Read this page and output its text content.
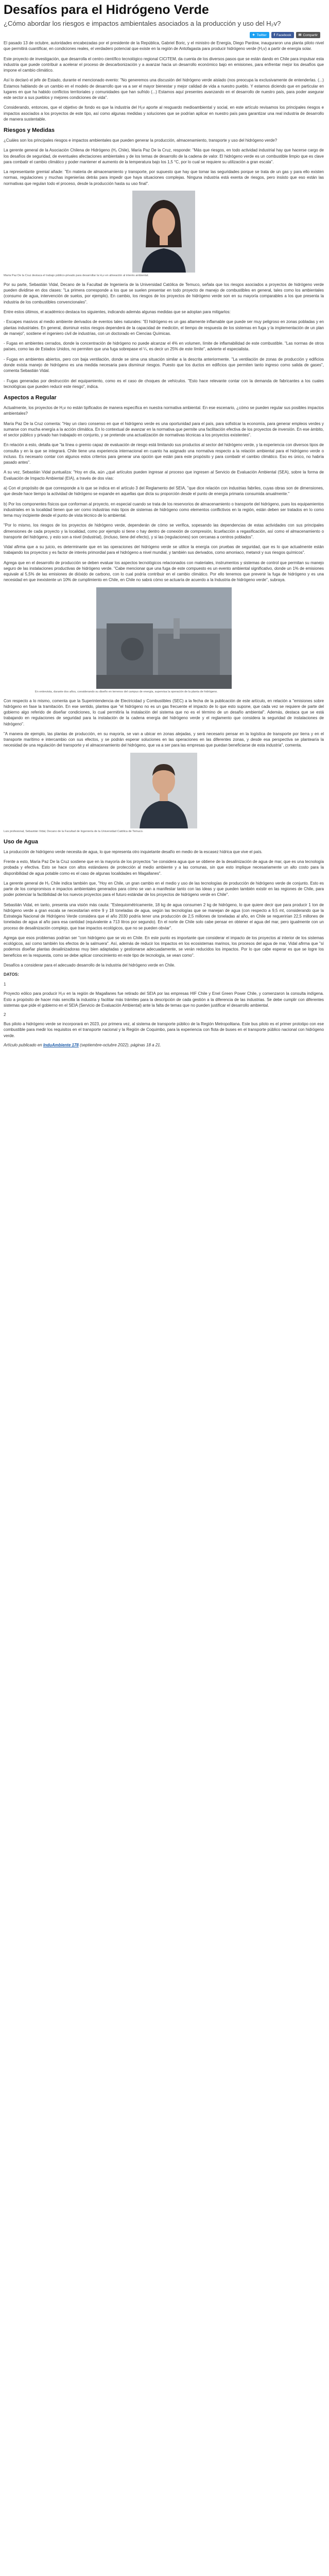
Desafíos para el Hidrógeno Verde
¿Cómo abordar los riesgos e impactos ambientales asociados a la producción y uso del H₂v?
✦ Twitter f Facebook ✉ Compartir

El pasado 13 de octubre, autoridades encabezadas por el presidente de la República, Gabriel Boric, y el ministro de Energía, Diego Pardow, inauguraron una planta piloto nivel que permitirá cuantificar, en condiciones reales, el verdadero potencial que existe en la región de Antofagasta para producir hidrógeno verde (H₂v) a partir de energía solar.

Este proyecto de investigación, que desarrolla el centro científico tecnológico regional CICITEM, da cuenta de los diversos pasos que se están dando en Chile para impulsar esta industria que puede contribuir a acelerar el proceso de descarbonización y a avanzar hacia un desarrollo económico bajo en emisiones, para enfrentar mejor los desafíos que impone el cambio climático.

Así lo declaró el jefe de Estado, durante el mencionado evento: "No generemos una discusión del hidrógeno verde aislado (nos preocupa la exclusivamente de entenderlas. (...) Estamos hablando de un cambio en el modelo de desarrollo que va a ser el mayor bienestar y mejor calidad de vida a nuestro pueblo. Y estamos diciendo que en particular en lugares en que ha habido conflictos territoriales y comunidades que han sufrido (...) Estamos aquí presentes avanzando en el desarrollo de nuestro país, para poder asegurar este sector a sus pueblos y mejores condiciones de vida".

Considerando, entonces, que el objetivo de fondo es que la industria del H₂v aporte al resguardo medioambiental y social, en este artículo revisamos los principales riesgos e impactos asociados a los proyectos de este tipo, así como algunas medidas y soluciones que se podrían aplicar en nuestro país para garantizar una real industria de desarrollo de manera sustentable.

Riesgos y Medidas

¿Cuáles son los principales riesgos e impactos ambientales que pueden generar la producción, almacenamiento, transporte y uso del hidrógeno verde?

La gerente general de la Asociación Chilena de Hidrógeno (H₂ Chile), María Paz De la Cruz, responde: "Más que riesgos, en todo actividad industrial hay que hacerse cargo de los desafíos de seguridad, de eventuales afectaciones ambientales y de los temas de desarrollo de la cadena de valor. El hidrógeno verde es un combustible limpio que es clave para combatir el cambio climático y poder mantener el aumento de la temperatura bajo los 1,5 °C, por lo cual se requiere su utilización a gran escala".

La representante gremial añade: "En materia de almacenamiento y transporte, por supuesto que hay que tomar las seguridades porque se trata de un gas y para ello existen normas, regulaciones y muchas ingenierías detrás para impedir que haya situaciones complejas. Ninguna industria está exenta de riesgos, pero insisto que eso están las normativas que regulan todo el proceso, desde la producción hasta su uso final".

María Paz De la Cruz destaca el trabajo público-privado para desarrollar la H₂v en alineación al interés ambiental.

Por su parte, Sebastián Vidal, Decano de la Facultad de Ingeniería de la Universidad Católica de Temuco, señala que los riesgos asociados a proyectos de hidrógeno verde pueden dividirse en dos clases: "La primera corresponde a los que se suelen presentar en todo proyecto de manejo de combustibles en general, tales como los ambientales (consumo de agua, intervención de suelos, por ejemplo). En cambio, los riesgos de los proyectos de hidrógeno verde son en su mayoría comparables a los que presenta la industria de los combustibles convencionales".

Entre estos últimos, el académico destaca los siguientes, indicando además algunas medidas que se adoptan para mitigarlos:

- Escapes masivos al medio ambiente derivados de eventos tales naturales: "El hidrógeno es un gas altamente inflamable que puede ser muy peligroso en zonas pobladas y en plantas industriales. En general, disminuir estos riesgos dependerá de la capacidad de medición, el tiempo de respuesta de los sistemas en fuga y la implementación de un plan de manejo", sostiene el ingeniero civil de industrias, con un doctorado en Ciencias Químicas.

- Fugas en ambientes cerrados, donde la concentración de hidrógeno no puede alcanzar el 4% en volumen, límite de inflamabilidad de este combustible. "Las normas de otros países, como las de Estados Unidos, no permiten que una fuga sobrepase el ¼, es decir un 25% de este límite", advierte el especialista.

- Fugas en ambientes abiertos, pero con baja ventilación, donde se sima una situación similar a la descrita anteriormente. "La ventilación de zonas de producción y edificios donde exista manejo de hidrógeno es una medida necesaria para disminuir riesgos. Puesto que los ductos en edificios que permiten tanto ingreso como salida de gases", comenta Sebastián Vidal.

- Fugas generadas por destrucción del equipamiento, como es el caso de choques de vehículos. "Esto hace relevante contar con la demanda de fabricantes a los cuales tecnológicas que pueden reducir este riesgo", indica.

Aspectos a Regular

Actualmente, los proyectos de H₂v no están tipificados de manera específica en nuestra normativa ambiental. En ese escenario, ¿cómo se pueden regular sus posibles impactos ambientales?

María Paz De la Cruz comenta: "Hay un claro consenso en que el hidrógeno verde es una oportunidad para el país, para sofisticar la economía, para generar empleos verdes y sumarse con mucha energía a la acción climática. En lo contextual de avanzar en la normativa que permite una facilitación efectiva de los proyectos de inversión. En ese ámbito, el sector público y privado han trabajado en conjunto, y se pretende una actualización de normativas técnicas a los proyectos existentes".

En relación a esto, detalla que "la línea o gremio capaz de evaluación de riesgo está limitando sus productos al sector del hidrógeno verde, y la experiencia con diversos tipos de consulta y en la que se integrará. Chile tiene una experiencia internacional en cuanto ha asignado una normativa respecto a la relación ambiental para el hidrógeno verde o incluso. Es necesario contar con algunos estos criterios para generar una opción que están para este propósito y para combatir el cambio climático. Eso es único, no habría pasado antes".

A su vez, Sebastián Vidal puntualiza: "Hoy en día, aún ¿qué artículos pueden ingresar al proceso que ingresen al Servicio de Evaluación Ambiental (SEA), sobre la forma de Evaluación de Impacto Ambiental (EIA), a través de dos vías:

a) Con el propósito de que corresponde a lo que se indica en el artículo 3 del Reglamento del SEIA, "que dice relación con industrias fabriles, cuyas obras son de dimensiones, que desde hace tiempo la actividad de hidrógeno se expande en aquellas que dicta su proporción desde el punto de energía primaria consumida anualmente."

b) Por los componentes físicos que conforman al proyecto, en especial cuando se trata de los reservorios de almacenamiento o transporte del hidrógeno, pues los equipamientos industriales en la localidad tienen que ser como industrias más tipos de sistemas de hidrógeno como elementos conflictivos en la región, están deben ser tratados en lo como tema muy incipiente desde el punto de vista técnico de lo ambiental.

"Por lo mismo, los riesgos de los proyectos de hidrógeno verde, dependerán de cómo se verifica, sopesando las dependencias de estas actividades con sus principales dimensiones de cada proyecto y la localidad, como por ejemplo si tiene o hay dentro de conexión de compresión, licuefacción a regasificación, así como el almacenamiento o transporte del hidrógeno, y esto son a nivel (industrial), (incluso, tiene del efecto), y si las (regulaciones) son cercanas a centros poblados".

Vidal afirma que a su juicio, es determinante que en las operaciones del hidrógeno verde se utilice la energía con pruebas de seguridad, que es lo que actualmente están trabajando los proyectos y es factor de interés primordial para el hidrógeno a nivel mundial, y también sus derivados, como amoniaco, metanol y sus riesgos químicos".

Agrega que en el desarrollo de producción se deben evaluar los aspectos tecnológicos relacionados con materiales, instrumentos y sistemas de control que permitan su manejo seguro de las instalaciones productivas de hidrógeno verde. "Cabe mencionar que una fuga de este compuesto es un evento ambiental significativo, donde un 1% de emisiones equivale al 5,5% de las emisiones de dióxido de carbono, con lo cual podría contribuir en el cambio climático. Por ello tenemos que prevenir la fuga de hidrógeno y es una necesidad en que inexistente un 10% de cumplimiento en Chile, en Chile no sabrá cómo se actuaría de acuerdo a la Industria de hidrógeno verde", subraya.

En entrevista, durante dos años, considerando su diseño en terrenos del campus de energía, supervisa la operación de la planta de hidrógeno.

Con respecto a lo mismo, comenta que la Superintendencia de Electricidad y Combustibles (SEC) a la fecha de la publicación de este artículo, en relación a "emisiones sobre hidrógeno en fase la tramitación. En ese sentido, plantea que "el hidrógeno no es un gas frecuente el impacto de lo que esto supone, que cada vez se requiere de parte del gobierno algo referido de diseñar condiciones, lo cual permitiría la instalación del sistema que no es el término de un desafío ambiental". Además, destaca que se está trabajando en regulaciones de seguridad para la instalación de la cadena energía del hidrógeno verde y el reglamento que considera la seguridad de instalaciones de hidrógeno".

"A manera de ejemplo, las plantas de producción, en su mayoría, se van a ubicar en zonas alejadas, y será necesario pensar en la logística de transporte por tierra y en el transporte marítimo e intercambio con sus efectos, y se podrán esperar soluciones en las operaciones en las diferentes zonas, y desde esa perspectiva se plantearía la necesidad de una regulación del transporte y el almacenamiento del hidrógeno, que va a ser para las empresas que puedan beneficiarse de esta industria", comenta.

Luis profesional, Sebastián Vidal, Decano de la Facultad de Ingeniería de la Universidad Católica de Temuco.
Uso de Agua

La producción de hidrógeno verde necesita de agua, lo que representa otro inquietante desafío en medio de la escasez hídrica que vive el país.

Frente a esto, María Paz De la Cruz sostiene que en la mayoría de los proyectos "se considera agua que se obtiene de la desalinización de agua de mar, que es una tecnología probada y efectiva. Esto se hace con altos estándares de protección al medio ambiente y a las comunas, sin que esto implique necesariamente un alto costo para la disponibilidad de agua potable como es el caso de algunas localidades en Magallanes".

La gerente general de H₂ Chile indica también que, "Hoy en Chile, un gran cambio en el medio y uso de las tecnologías de producción de hidrógeno verde de conjunto. Esto es parte de los compromisos e impactos ambientales generados para cómo se van a manifestar tanto con las ideas y que pueden también existir en las regiones de Chile, para poder potenciar la factibilidad de los nuevos proyectos para el futuro estándar de los proyectos de hidrógeno verde en Chile".

Sebastián Vidal, en tanto, presenta una visión más cauta: "Estequiométricamente, 18 kg de agua consumen 2 kg de hidrógeno, lo que quiere decir que para producir 1 ton de hidrógeno verde a gran escala se necesitarían entre 9 y 18 toneladas de agua, según las tecnologías que se manejan de agua (con respecto a 9,5 mt, considerando que la Estrategia Nacional de Hidrógeno Verde considera que el año 2030 podría tener una producción de 2,5 millones de toneladas al año, en Chile se requerirían 22,5 millones de toneladas de agua al año para esa cantidad (equivalente a 713 litros por segundo). En el norte de Chile solo cabe pensar en obtener el agua del mar, pero igualmente con un proceso de desalinización complejo, que trae impactos ecológicos, que no se pueden obviar".

Agrega que esos problemas podrían ser "con hidrógeno que se vio en Chile. En este punto es importante que considerar el impacto de los proyectos al interior de los sistemas ecológicos, así como también los efectos de la salmuera". Así, además de reducir los impactos en los ecosistemas marinos, los procesos del agua de mar, Vidal afirma que "sí podemos diseñar plantas desalinizadoras muy bien adaptadas y gestionarse adecuadamente, se verán reducidos los impactos. Por lo que cabe esperar es que se logre los beneficios en la respuesta, como se debe aplicar conocimiento en este tipo de tecnología, se vean como".

Desafíos a considerar para el adecuado desarrollo de la industria del hidrógeno verde en Chile.

DATOS:
1

Proyecto eólico para producir H₂v en la región de Magallanes fue retirado del SEIA por las empresas HIF Chile y Enel Green Power Chile, y comenzaron la consulta indígena. Esto a propósito de hacer más sencilla la industria y facilitar más trámites para la descripción de cada gestión a la diferencia de las industrias. Se debe cumplir con diferentes sistemas que pide el gobierno en el SEIA (Servicio de Evaluación Ambiental) ante la falta de temas que no pueden justificar el desarrollo ambiental.

2

Bus piloto a hidrógeno verde se incorporará en 2023, por primera vez, al sistema de transporte público de la Región Metropolitana. Este bus piloto es el primer prototipo con ese combustible para medir los requisitos en el transporte nacional y la Región de Coquimbo, para la experiencia con flota de buses en el transporte público nacional con hidrógeno verde.

Artículo publicado en InduAmbiente 178 (septiembre-octubre 2022), páginas 18 a 21.
